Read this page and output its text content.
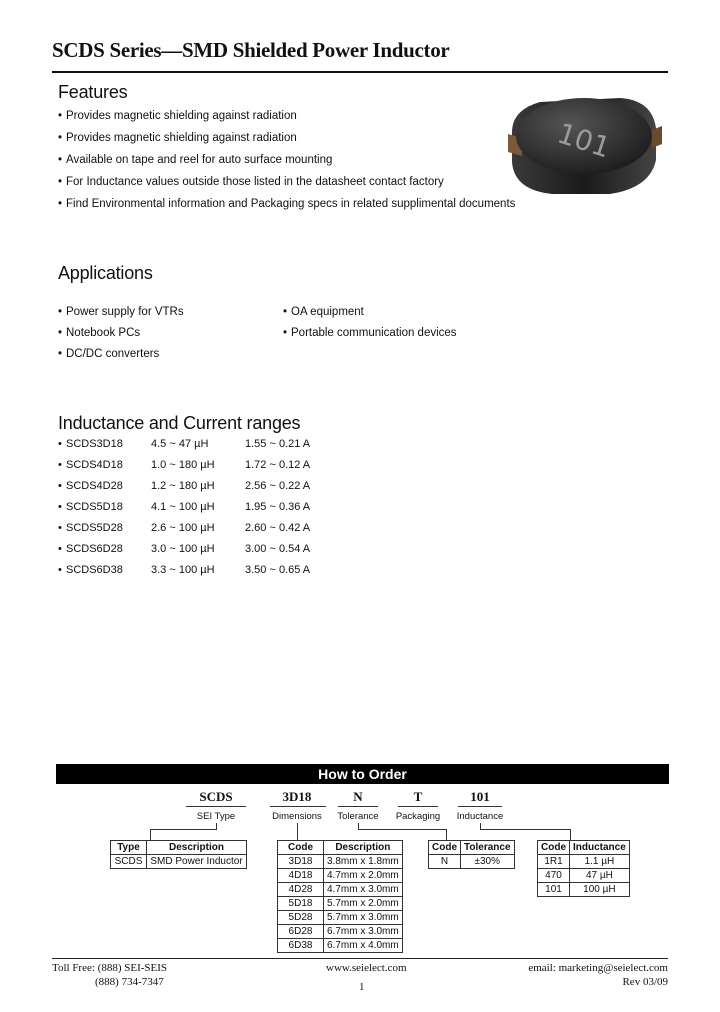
SCDS Series—SMD Shielded Power Inductor
Features
• Provides magnetic shielding against radiation
• Provides magnetic shielding against radiation
• Available on tape and reel for auto surface mounting
• For Inductance values outside those listed in the datasheet contact factory
• Find Environmental information and Packaging specs in related supplimental documents
101
Applications
• Power supply for VTRs
• Notebook PCs
• DC/DC converters
• OA equipment
• Portable communication devices
Inductance and Current ranges
• SCDS3D18	4.5 ~ 47 µH	1.55 ~ 0.21 A
• SCDS4D18	1.0 ~ 180 µH	1.72 ~ 0.12 A
• SCDS4D28	1.2 ~ 180 µH	2.56 ~ 0.22 A
• SCDS5D18	4.1 ~ 100 µH	1.95 ~ 0.36 A
• SCDS5D28	2.6 ~ 100 µH	2.60 ~ 0.42 A
• SCDS6D28	3.0 ~ 100 µH	3.00 ~ 0.54 A
• SCDS6D38	3.3 ~ 100 µH	3.50 ~ 0.65 A
How to Order
SCDS	3D18	N	T	101
SEI Type	Dimensions	Tolerance	Packaging	Inductance
Type	Description
SCDS	SMD Power Inductor
Code	Description
3D18	3.8mm x 1.8mm
4D18	4.7mm x 2.0mm
4D28	4.7mm x 3.0mm
5D18	5.7mm x 2.0mm
5D28	5.7mm x 3.0mm
6D28	6.7mm x 3.0mm
6D38	6.7mm x 4.0mm
Code	Tolerance
N	±30%
Code	Inductance
1R1	1.1 µH
470	47 µH
101	100 µH
Toll Free: (888) SEI-SEIS
(888) 734-7347
www.seielect.com
1
email: marketing@seielect.com
Rev 03/09
